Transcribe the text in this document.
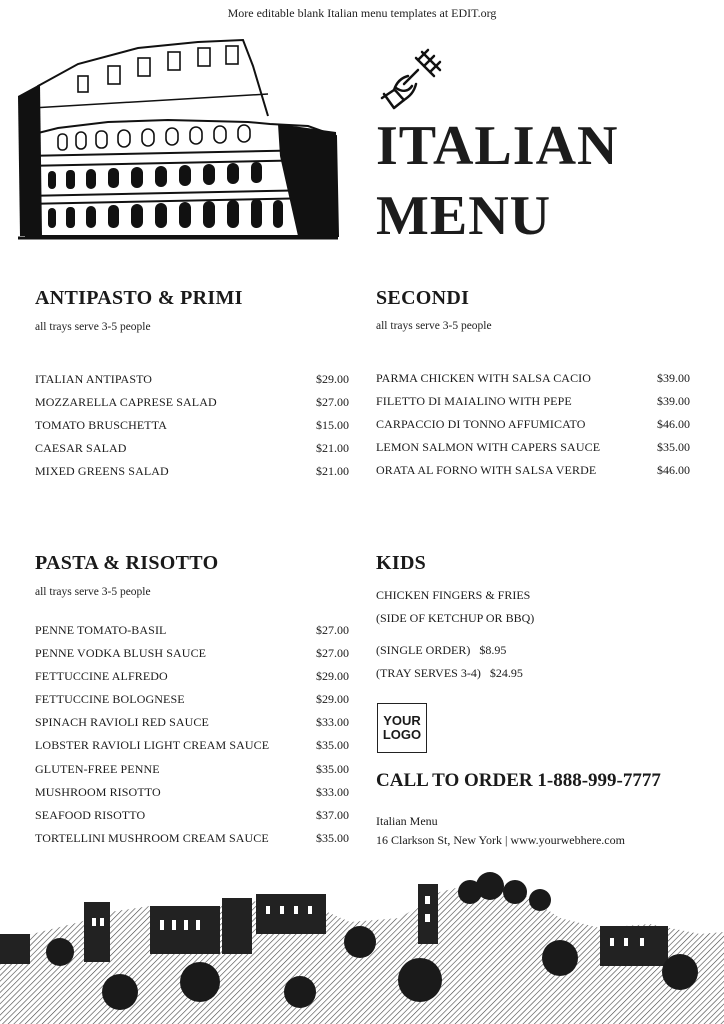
More editable blank Italian menu templates at EDIT.org
ITALIAN
MENU
ANTIPASTO & PRIMI
all trays serve 3-5 people
ITALIAN ANTIPASTO	$29.00
MOZZARELLA CAPRESE SALAD	$27.00
TOMATO BRUSCHETTA	$15.00
CAESAR SALAD	$21.00
MIXED GREENS SALAD	$21.00
SECONDI
all trays serve 3-5 people
PARMA CHICKEN WITH SALSA CACIO	$39.00
FILETTO DI MAIALINO WITH PEPE	$39.00
CARPACCIO DI TONNO AFFUMICATO	$46.00
LEMON SALMON WITH CAPERS SAUCE	$35.00
ORATA AL FORNO WITH SALSA VERDE	$46.00
PASTA & RISOTTO
all trays serve 3-5 people
PENNE TOMATO-BASIL	$27.00
PENNE VODKA BLUSH SAUCE	$27.00
FETTUCCINE ALFREDO	$29.00
FETTUCCINE BOLOGNESE	$29.00
SPINACH RAVIOLI RED SAUCE	$33.00
LOBSTER RAVIOLI LIGHT CREAM SAUCE	$35.00
GLUTEN-FREE PENNE	$35.00
MUSHROOM RISOTTO	$33.00
SEAFOOD RISOTTO	$37.00
TORTELLINI MUSHROOM CREAM SAUCE	$35.00
KIDS
CHICKEN FINGERS & FRIES
(SIDE OF KETCHUP OR BBQ)
(SINGLE ORDER) $8.95
(TRAY SERVES 3-4) $24.95
YOUR
LOGO
CALL TO ORDER 1-888-999-7777
Italian Menu
16 Clarkson St, New York | www.yourwebhere.com
